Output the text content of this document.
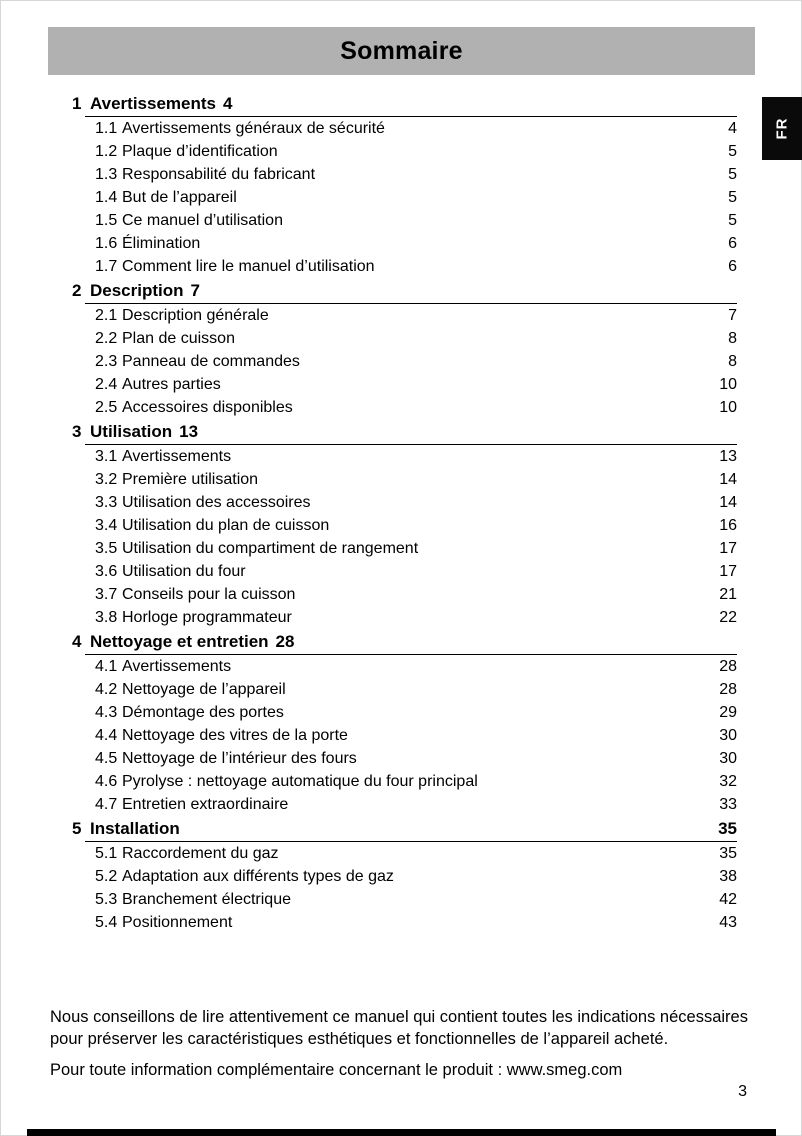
Sommaire
FR
1 Avertissements 4
1.1 Avertissements généraux de sécurité	4
1.2 Plaque d’identification	5
1.3 Responsabilité du fabricant	5
1.4 But de l’appareil	5
1.5 Ce manuel d’utilisation	5
1.6 Élimination	6
1.7 Comment lire le manuel d’utilisation	6
2 Description 7
2.1 Description générale	7
2.2 Plan de cuisson	8
2.3 Panneau de commandes	8
2.4 Autres parties	10
2.5 Accessoires disponibles	10
3 Utilisation 13
3.1 Avertissements	13
3.2 Première utilisation	14
3.3 Utilisation des accessoires	14
3.4 Utilisation du plan de cuisson	16
3.5 Utilisation du compartiment de rangement	17
3.6 Utilisation du four	17
3.7 Conseils pour la cuisson	21
3.8 Horloge programmateur	22
4 Nettoyage et entretien 28
4.1 Avertissements	28
4.2 Nettoyage de l’appareil	28
4.3 Démontage des portes	29
4.4 Nettoyage des vitres de la porte	30
4.5 Nettoyage de l’intérieur des fours	30
4.6 Pyrolyse : nettoyage automatique du four principal	32
4.7 Entretien extraordinaire	33
5 Installation	35
5.1 Raccordement du gaz	35
5.2 Adaptation aux différents types de gaz	38
5.3 Branchement électrique	42
5.4 Positionnement	43

Nous conseillons de lire attentivement ce manuel qui contient toutes les indications nécessaires pour préserver les caractéristiques esthétiques et fonctionnelles de l’appareil acheté.

Pour toute information complémentaire concernant le produit : www.smeg.com

3
